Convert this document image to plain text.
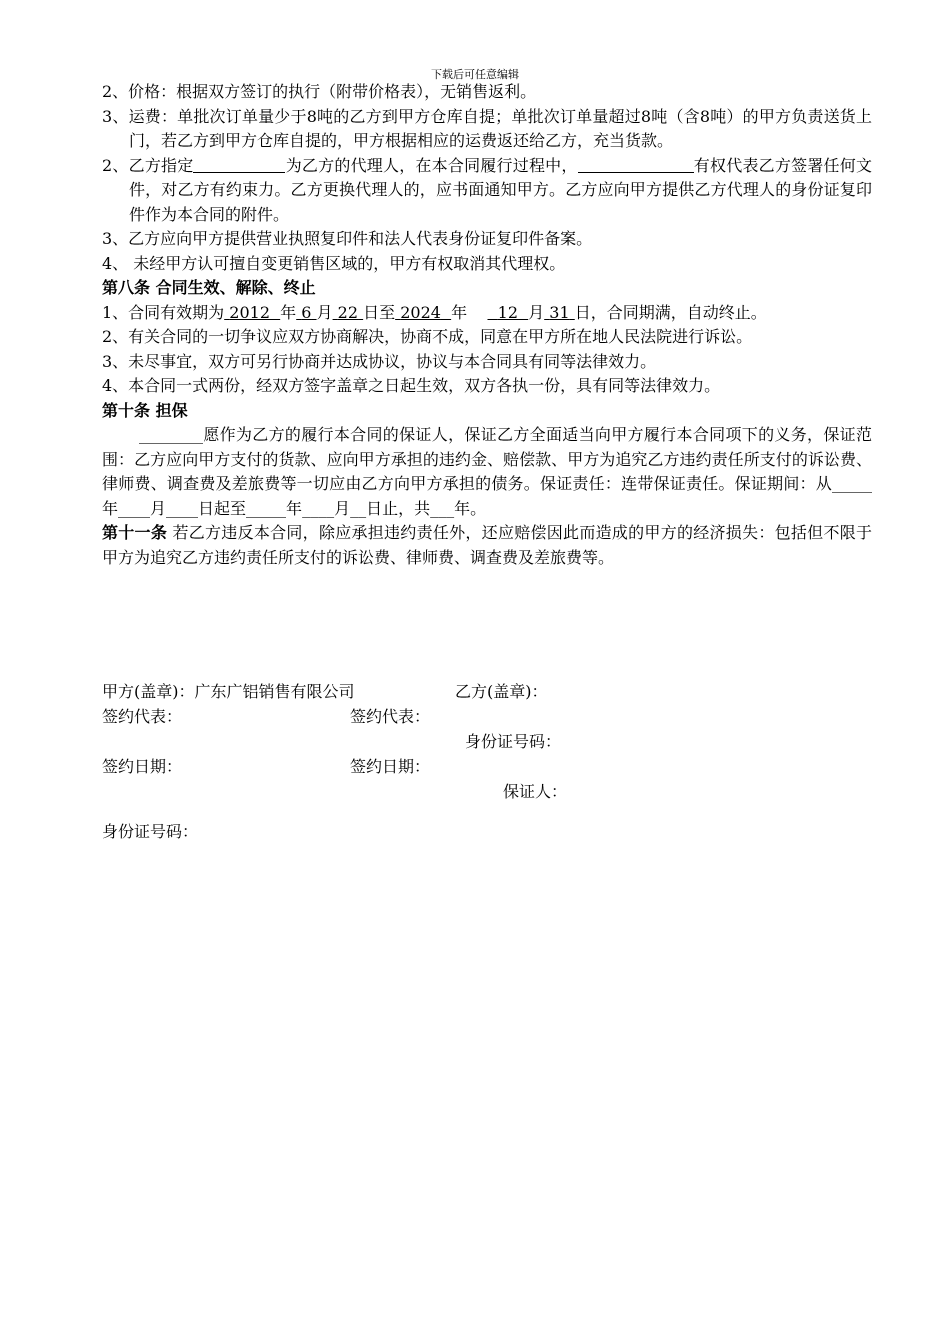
下载后可任意编辑
2、价格：根据双方签订的执行（附带价格表），无销售返利。
3、运费：单批次订单量少于8吨的乙方到甲方仓库自提；单批次订单量超过8吨（含8吨）的甲方负责送货上门，若乙方到甲方仓库自提的，甲方根据相应的运费返还给乙方，充当货款。
2、乙方指定	为乙方的代理人，在本合同履行过程中，	有权代表乙方签署任何文件，对乙方有约束力。乙方更换代理人的，应书面通知甲方。乙方应向甲方提供乙方代理人的身份证复印件作为本合同的附件。
3、乙方应向甲方提供营业执照复印件和法人代表身份证复印件备案。
4、 未经甲方认可擅自变更销售区域的，甲方有权取消其代理权。
第八条 合同生效、解除、终止
1、合同有效期为 2012 年 6 月 22 日至 2024 年 12 月 31 日，合同期满，自动终止。
2、有关合同的一切争议应双方协商解决，协商不成，同意在甲方所在地人民法院进行诉讼。
3、未尽事宜，双方可另行协商并达成协议，协议与本合同具有同等法律效力。
4、本合同一式两份，经双方签字盖章之日起生效，双方各执一份，具有同等法律效力。
第十条 担保
________愿作为乙方的履行本合同的保证人，保证乙方全面适当向甲方履行本合同项下的义务，保证范围：乙方应向甲方支付的货款、应向甲方承担的违约金、赔偿款、甲方为追究乙方违约责任所支付的诉讼费、律师费、调查费及差旅费等一切应由乙方向甲方承担的债务。保证责任：连带保证责任。保证期间：从_____年____月____日起至_____年____月__日止，共___年。
第十一条 若乙方违反本合同，除应承担违约责任外，还应赔偿因此而造成的甲方的经济损失：包括但不限于甲方为追究乙方违约责任所支付的诉讼费、律师费、调查费及差旅费等。
甲方(盖章)：广东广铝销售有限公司	乙方(盖章)：
签约代表：	签约代表：
身份证号码：
签约日期：	签约日期：
保证人：
身份证号码：
